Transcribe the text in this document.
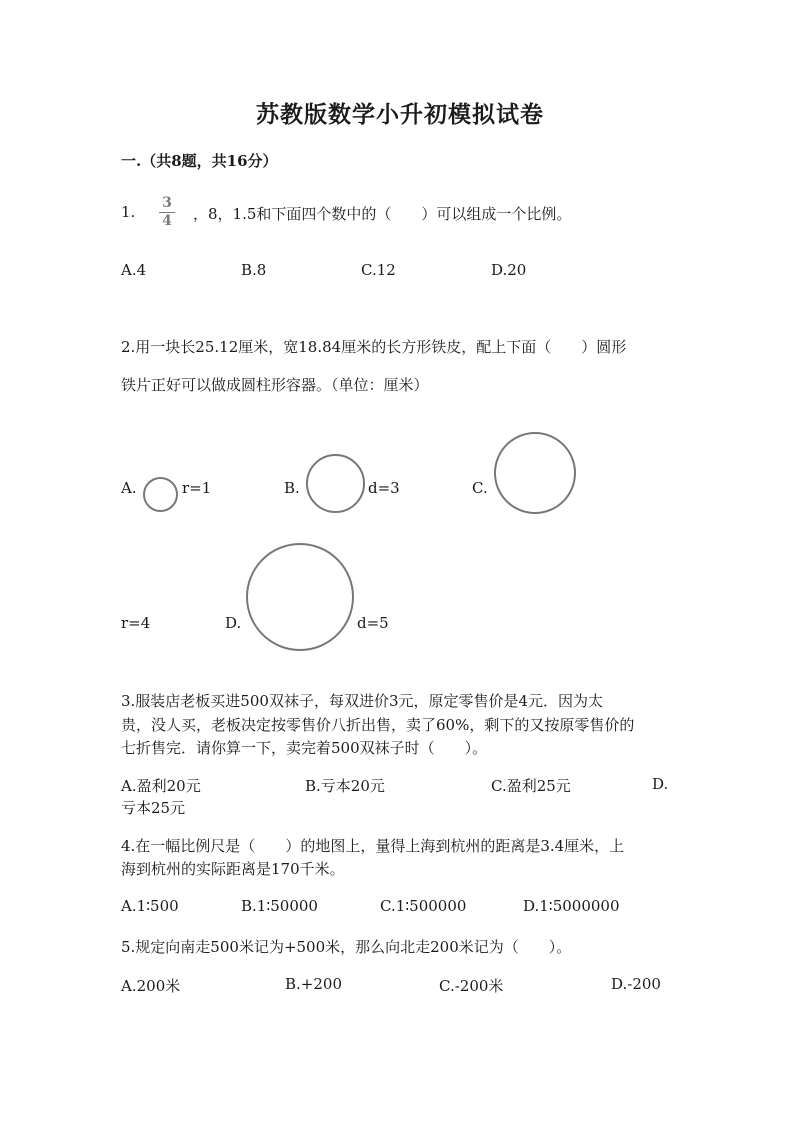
苏教版数学小升初模拟试卷
一.（共8题，共16分）
1. 3
4 ，8，1.5和下面四个数中的（　　）可以组成一个比例。
A.4	B.8	C.12	D.20
2.用一块长25.12厘米，宽18.84厘米的长方形铁皮，配上下面（　　）圆形
铁片正好可以做成圆柱形容器。（单位：厘米）
A.	r=1	B.	d=3	C.
r=4	D.	d=5
3.服装店老板买进500双袜子，每双进价3元，原定零售价是4元．因为太
贵，没人买，老板决定按零售价八折出售，卖了60%，剩下的又按原零售价的
七折售完．请你算一下，卖完着500双袜子时（　　）。
A.盈利20元	B.亏本20元	C.盈利25元	D.
亏本25元
4.在一幅比例尺是（　　）的地图上，量得上海到杭州的距离是3.4厘米，上
海到杭州的实际距离是170千米。
A.1∶500	B.1∶50000	C.1∶500000	D.1∶5000000
5.规定向南走500米记为+500米，那么向北走200米记为（　　）。
A.200米	B.+200	C.-200米	D.-200
